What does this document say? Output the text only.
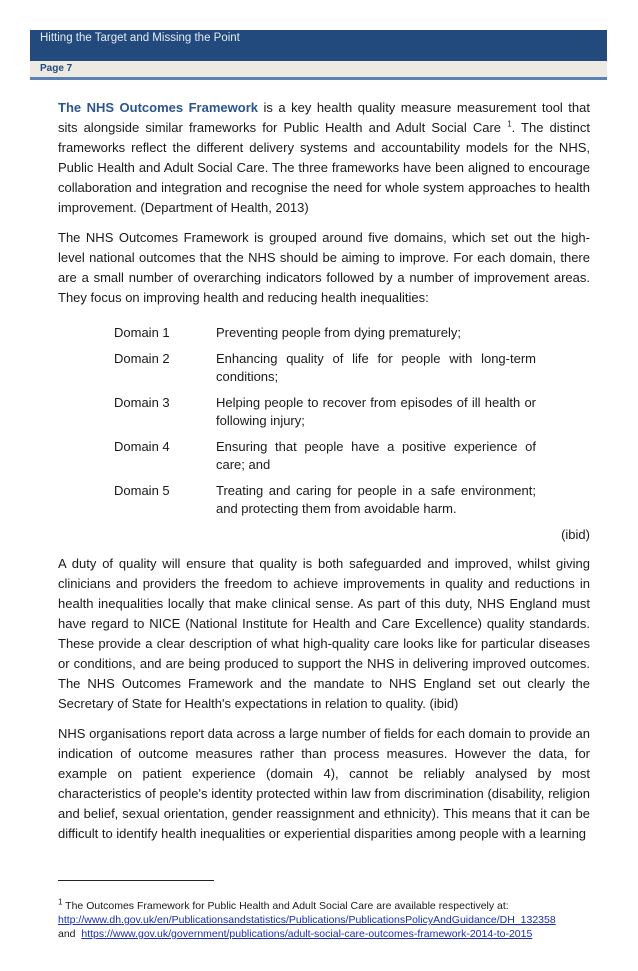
Hitting the Target and Missing the Point
Page 7

The NHS Outcomes Framework is a key health quality measure measurement tool that sits alongside similar frameworks for Public Health and Adult Social Care $^1$. The distinct frameworks reflect the different delivery systems and accountability models for the NHS, Public Health and Adult Social Care. The three frameworks have been aligned to encourage collaboration and integration and recognise the need for whole system approaches to health improvement. (Department of Health, 2013)

The NHS Outcomes Framework is grouped around five domains, which set out the high-level national outcomes that the NHS should be aiming to improve. For each domain, there are a small number of overarching indicators followed by a number of improvement areas. They focus on improving health and reducing health inequalities:

Domain 1	Preventing people from dying prematurely;
Domain 2	Enhancing quality of life for people with long-term conditions;
Domain 3	Helping people to recover from episodes of ill health or following injury;
Domain 4	Ensuring that people have a positive experience of care; and
Domain 5	Treating and caring for people in a safe environment; and protecting them from avoidable harm.
(ibid)

A duty of quality will ensure that quality is both safeguarded and improved, whilst giving clinicians and providers the freedom to achieve improvements in quality and reductions in health inequalities locally that make clinical sense. As part of this duty, NHS England must have regard to NICE (National Institute for Health and Care Excellence) quality standards. These provide a clear description of what high-quality care looks like for particular diseases or conditions, and are being produced to support the NHS in delivering improved outcomes. The NHS Outcomes Framework and the mandate to NHS England set out clearly the Secretary of State for Health's expectations in relation to quality. (ibid)

NHS organisations report data across a large number of fields for each domain to provide an indication of outcome measures rather than process measures. However the data, for example on patient experience (domain 4), cannot be reliably analysed by most characteristics of people's identity protected within law from discrimination (disability, religion and belief, sexual orientation, gender reassignment and ethnicity). This means that it can be difficult to identify health inequalities or experiential disparities among people with a learning

$^1$ The Outcomes Framework for Public Health and Adult Social Care are available respectively at:
http://www.dh.gov.uk/en/Publicationsandstatistics/Publications/PublicationsPolicyAndGuidance/DH_132358
and https://www.gov.uk/government/publications/adult-social-care-outcomes-framework-2014-to-2015
